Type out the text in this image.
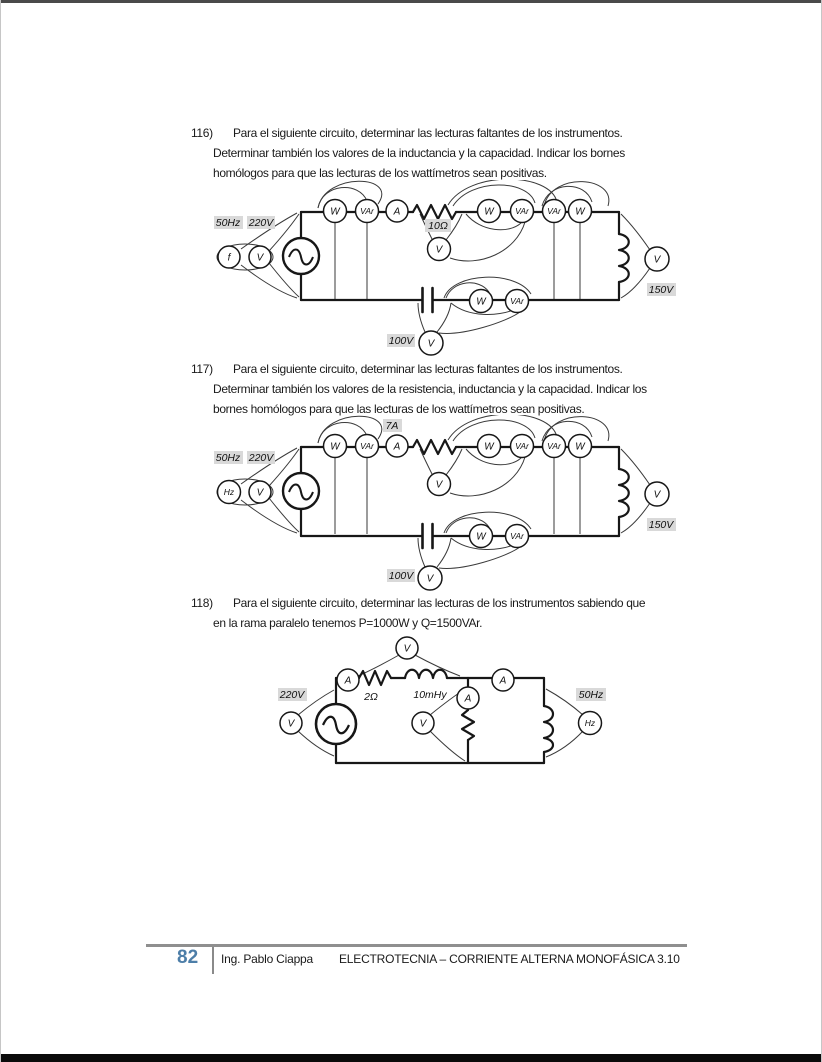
116) Para el siguiente circuito, determinar las lecturas faltantes de los instrumentos.
Determinar también los valores de la inductancia y la capacidad. Indicar los bornes
homólogos para que las lecturas de los wattímetros sean positivas.
50Hz 220V	10Ω
100V
150V
f	V
W VAr A
V
W	VAr VAr W
V
V
W	VAr
117) Para el siguiente circuito, determinar las lecturas faltantes de los instrumentos.
Determinar también los valores de la resistencia, inductancia y la capacidad. Indicar los
bornes homólogos para que las lecturas de los wattímetros sean positivas.
50Hz 220V
7A
100V
150V
Hz V
W VAr A
V
W	VAr VAr W
V
V
W	VAr
118) Para el siguiente circuito, determinar las lecturas de los instrumentos sabiendo que
en la rama paralelo tenemos P=1000W y Q=1500VAr.
220V	50Hz
2Ω	10mHy
V
A
V
A
V
A
Hz
82 Ing. Pablo Ciappa ELECTROTECNIA – CORRIENTE ALTERNA MONOFÁSICA 3.10
